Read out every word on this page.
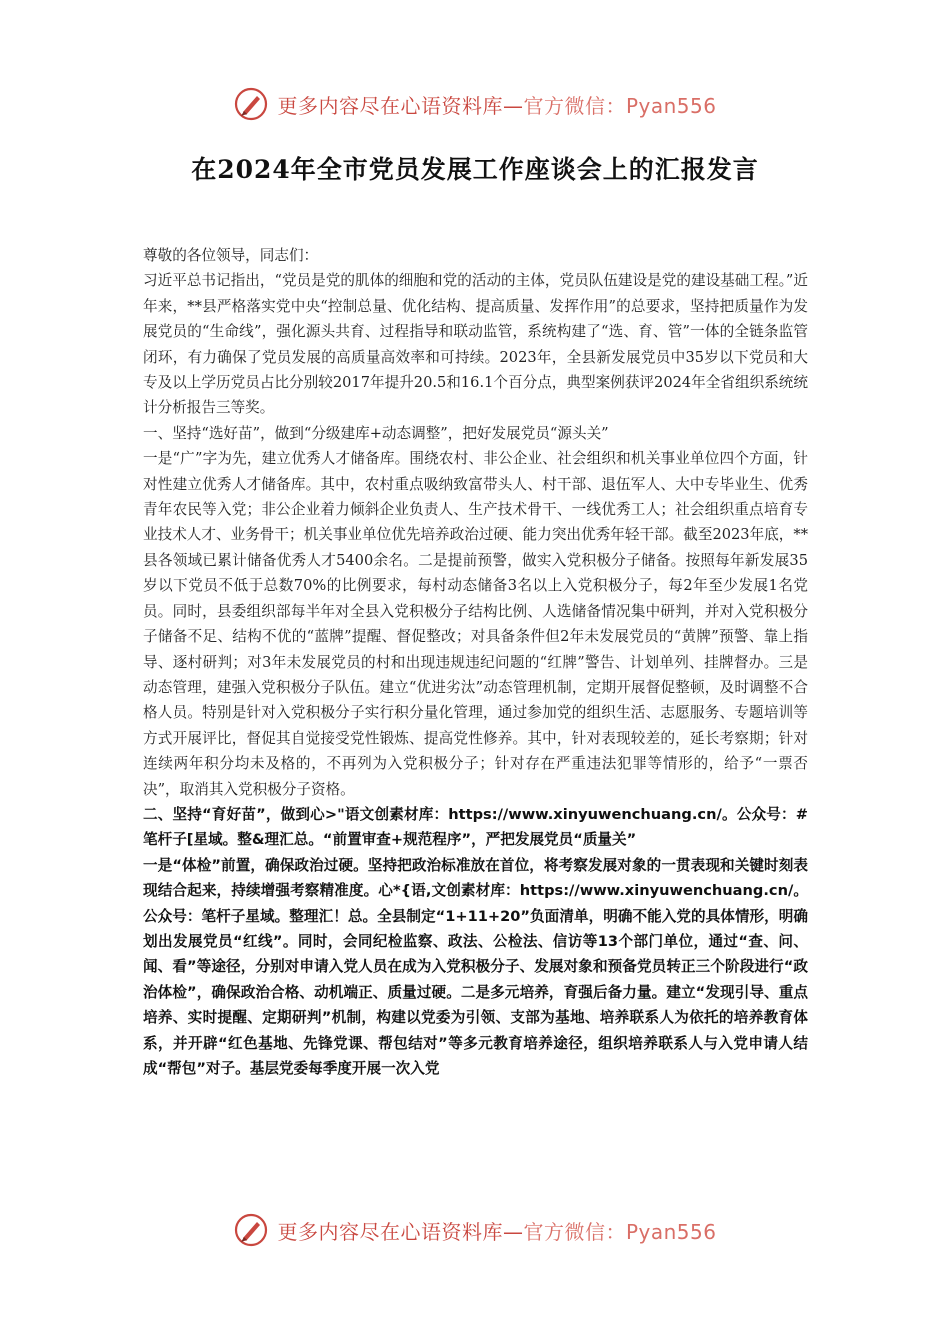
更多内容尽在心语资料库—官方微信：Pyan556
在2024年全市党员发展工作座谈会上的汇报发言

尊敬的各位领导，同志们：

习近平总书记指出，“党员是党的肌体的细胞和党的活动的主体，党员队伍建设是党的建设基础工程。”近年来，**县严格落实党中央“控制总量、优化结构、提高质量、发挥作用”的总要求，坚持把质量作为发展党员的“生命线”，强化源头共育、过程指导和联动监管，系统构建了“选、育、管”一体的全链条监管闭环，有力确保了党员发展的高质量高效率和可持续。2023年，全县新发展党员中35岁以下党员和大专及以上学历党员占比分别较2017年提升20.5和16.1个百分点，典型案例获评2024年全省组织系统统计分析报告三等奖。

一、坚持“选好苗”，做到“分级建库+动态调整”，把好发展党员“源头关”

一是“广”字为先，建立优秀人才储备库。围绕农村、非公企业、社会组织和机关事业单位四个方面，针对性建立优秀人才储备库。其中，农村重点吸纳致富带头人、村干部、退伍军人、大中专毕业生、优秀青年农民等入党；非公企业着力倾斜企业负责人、生产技术骨干、一线优秀工人；社会组织重点培育专业技术人才、业务骨干；机关事业单位优先培养政治过硬、能力突出优秀年轻干部。截至2023年底，**县各领域已累计储备优秀人才5400余名。二是提前预警，做实入党积极分子储备。按照每年新发展35岁以下党员不低于总数70%的比例要求，每村动态储备3名以上入党积极分子，每2年至少发展1名党员。同时，县委组织部每半年对全县入党积极分子结构比例、人选储备情况集中研判，并对入党积极分子储备不足、结构不优的“蓝牌”提醒、督促整改；对具备条件但2年未发展党员的“黄牌”预警、靠上指导、逐村研判；对3年未发展党员的村和出现违规违纪问题的“红牌”警告、计划单列、挂牌督办。三是动态管理，建强入党积极分子队伍。建立“优进劣汰”动态管理机制，定期开展督促整顿，及时调整不合格人员。特别是针对入党积极分子实行积分量化管理，通过参加党的组织生活、志愿服务、专题培训等方式开展评比，督促其自觉接受党性锻炼、提高党性修养。其中，针对表现较差的，延长考察期；针对连续两年积分均未及格的，不再列为入党积极分子；针对存在严重违法犯罪等情形的，给予“一票否决”，取消其入党积极分子资格。

二、坚持“育好苗”，做到心>"语文创素材库：https://www.xinyuwenchuang.cn/。公众号：#笔杆子[星域。整&理汇总。“前置审查+规范程序”，严把发展党员“质量关”

一是“体检”前置，确保政治过硬。坚持把政治标准放在首位，将考察发展对象的一贯表现和关键时刻表现结合起来，持续增强考察精准度。心*{语,文创素材库：https://www.xinyuwenchuang.cn/。公众号：笔杆子星域。整理汇！总。全县制定“1+11+20”负面清单，明确不能入党的具体情形，明确划出发展党员“红线”。同时，会同纪检监察、政法、公检法、信访等13个部门单位，通过“查、问、闻、看”等途径，分别对申请入党人员在成为入党积极分子、发展对象和预备党员转正三个阶段进行“政治体检”，确保政治合格、动机端正、质量过硬。二是多元培养，育强后备力量。建立“发现引导、重点培养、实时提醒、定期研判”机制，构建以党委为引领、支部为基地、培养联系人为依托的培养教育体系，并开辟“红色基地、先锋党课、帮包结对”等多元教育培养途径，组织培养联系人与入党申请人结成“帮包”对子。基层党委每季度开展一次入党

更多内容尽在心语资料库—官方微信：Pyan556
